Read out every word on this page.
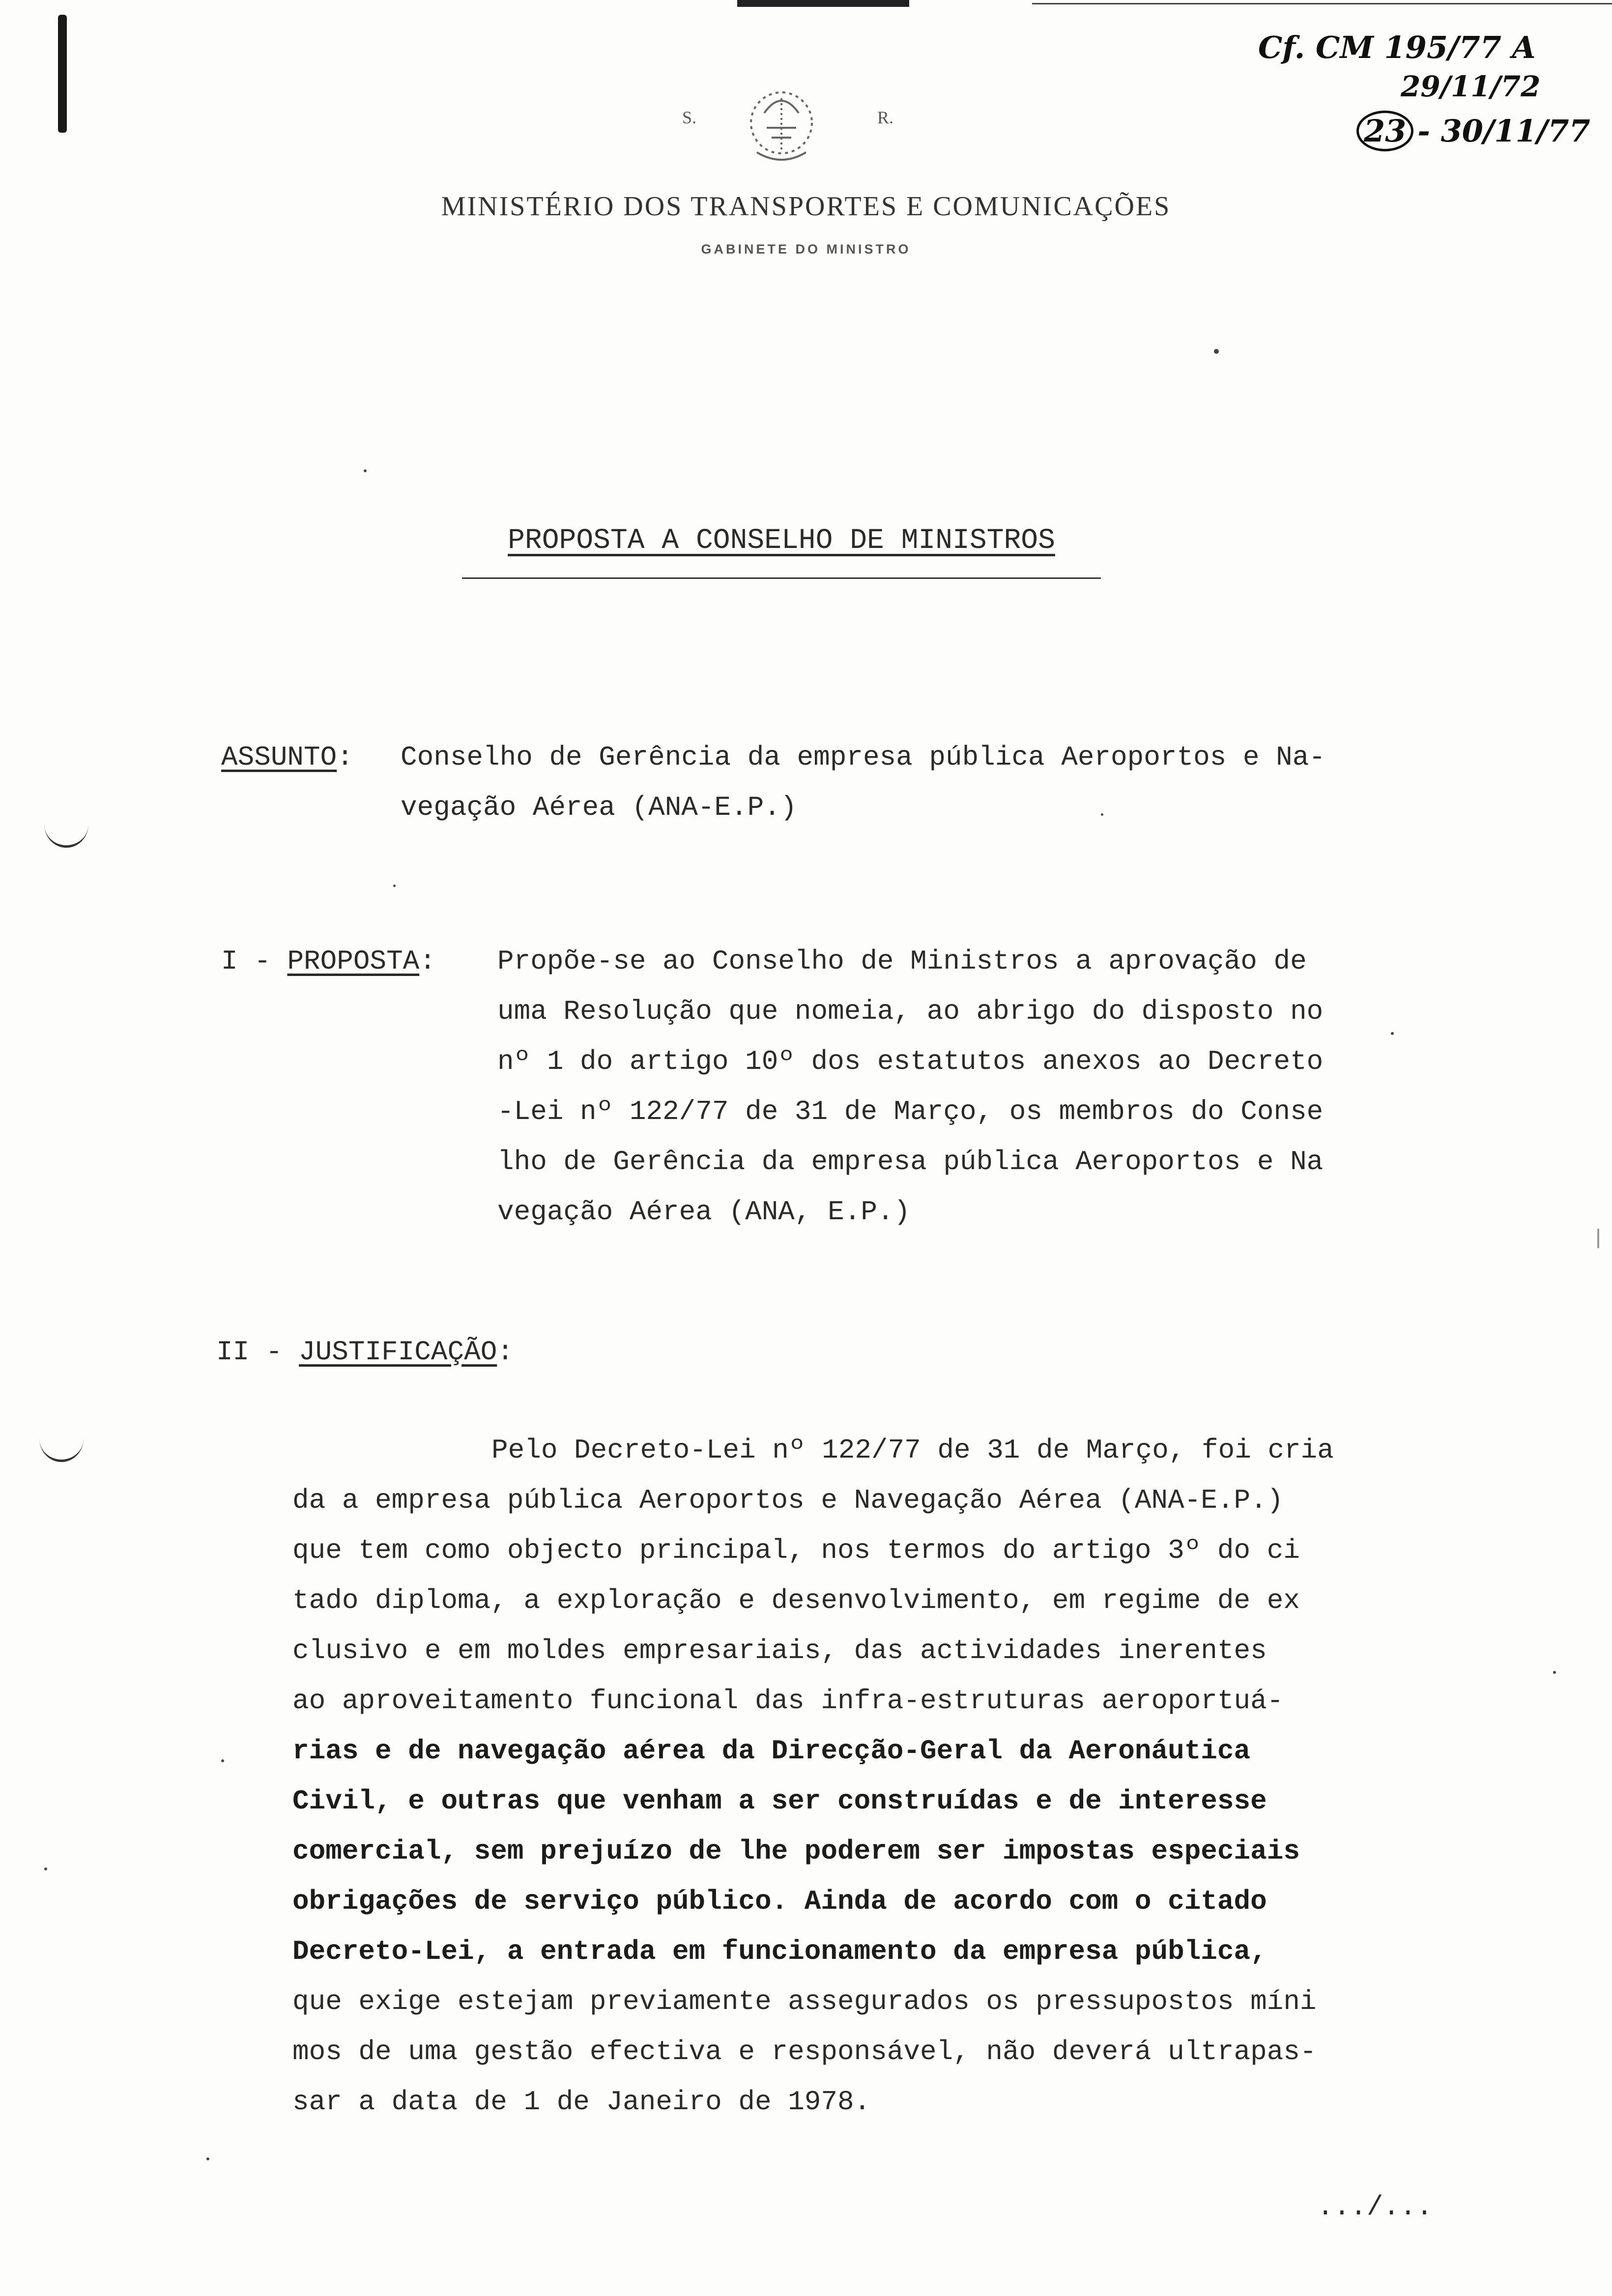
S.	R.
MINISTÉRIO DOS TRANSPORTES E COMUNICAÇÕES
GABINETE DO MINISTRO
Cf. CM 195/77 A
29/11/72
23 - 30/11/77
PROPOSTA A CONSELHO DE MINISTROS
ASSUNTO: Conselho de Gerência da empresa pública Aeroportos e Na-
vegação Aérea (ANA-E.P.)
I - PROPOSTA: Propõe-se ao Conselho de Ministros a aprovação de
uma Resolução que nomeia, ao abrigo do disposto no
nº 1 do artigo 10º dos estatutos anexos ao Decreto
-Lei nº 122/77 de 31 de Março, os membros do Conse
lho de Gerência da empresa pública Aeroportos e Na
vegação Aérea (ANA, E.P.)
II - JUSTIFICAÇÃO:
Pelo Decreto-Lei nº 122/77 de 31 de Março, foi cria
da a empresa pública Aeroportos e Navegação Aérea (ANA-E.P.)
que tem como objecto principal, nos termos do artigo 3º do ci
tado diploma, a exploração e desenvolvimento, em regime de ex
clusivo e em moldes empresariais, das actividades inerentes
ao aproveitamento funcional das infra-estruturas aeroportuá-
rias e de navegação aérea da Direcção-Geral da Aeronáutica
Civil, e outras que venham a ser construídas e de interesse
comercial, sem prejuízo de lhe poderem ser impostas especiais
obrigações de serviço público. Ainda de acordo com o citado
Decreto-Lei, a entrada em funcionamento da empresa pública,
que exige estejam previamente assegurados os pressupostos míni
mos de uma gestão efectiva e responsável, não deverá ultrapas-
sar a data de 1 de Janeiro de 1978.
.../...
